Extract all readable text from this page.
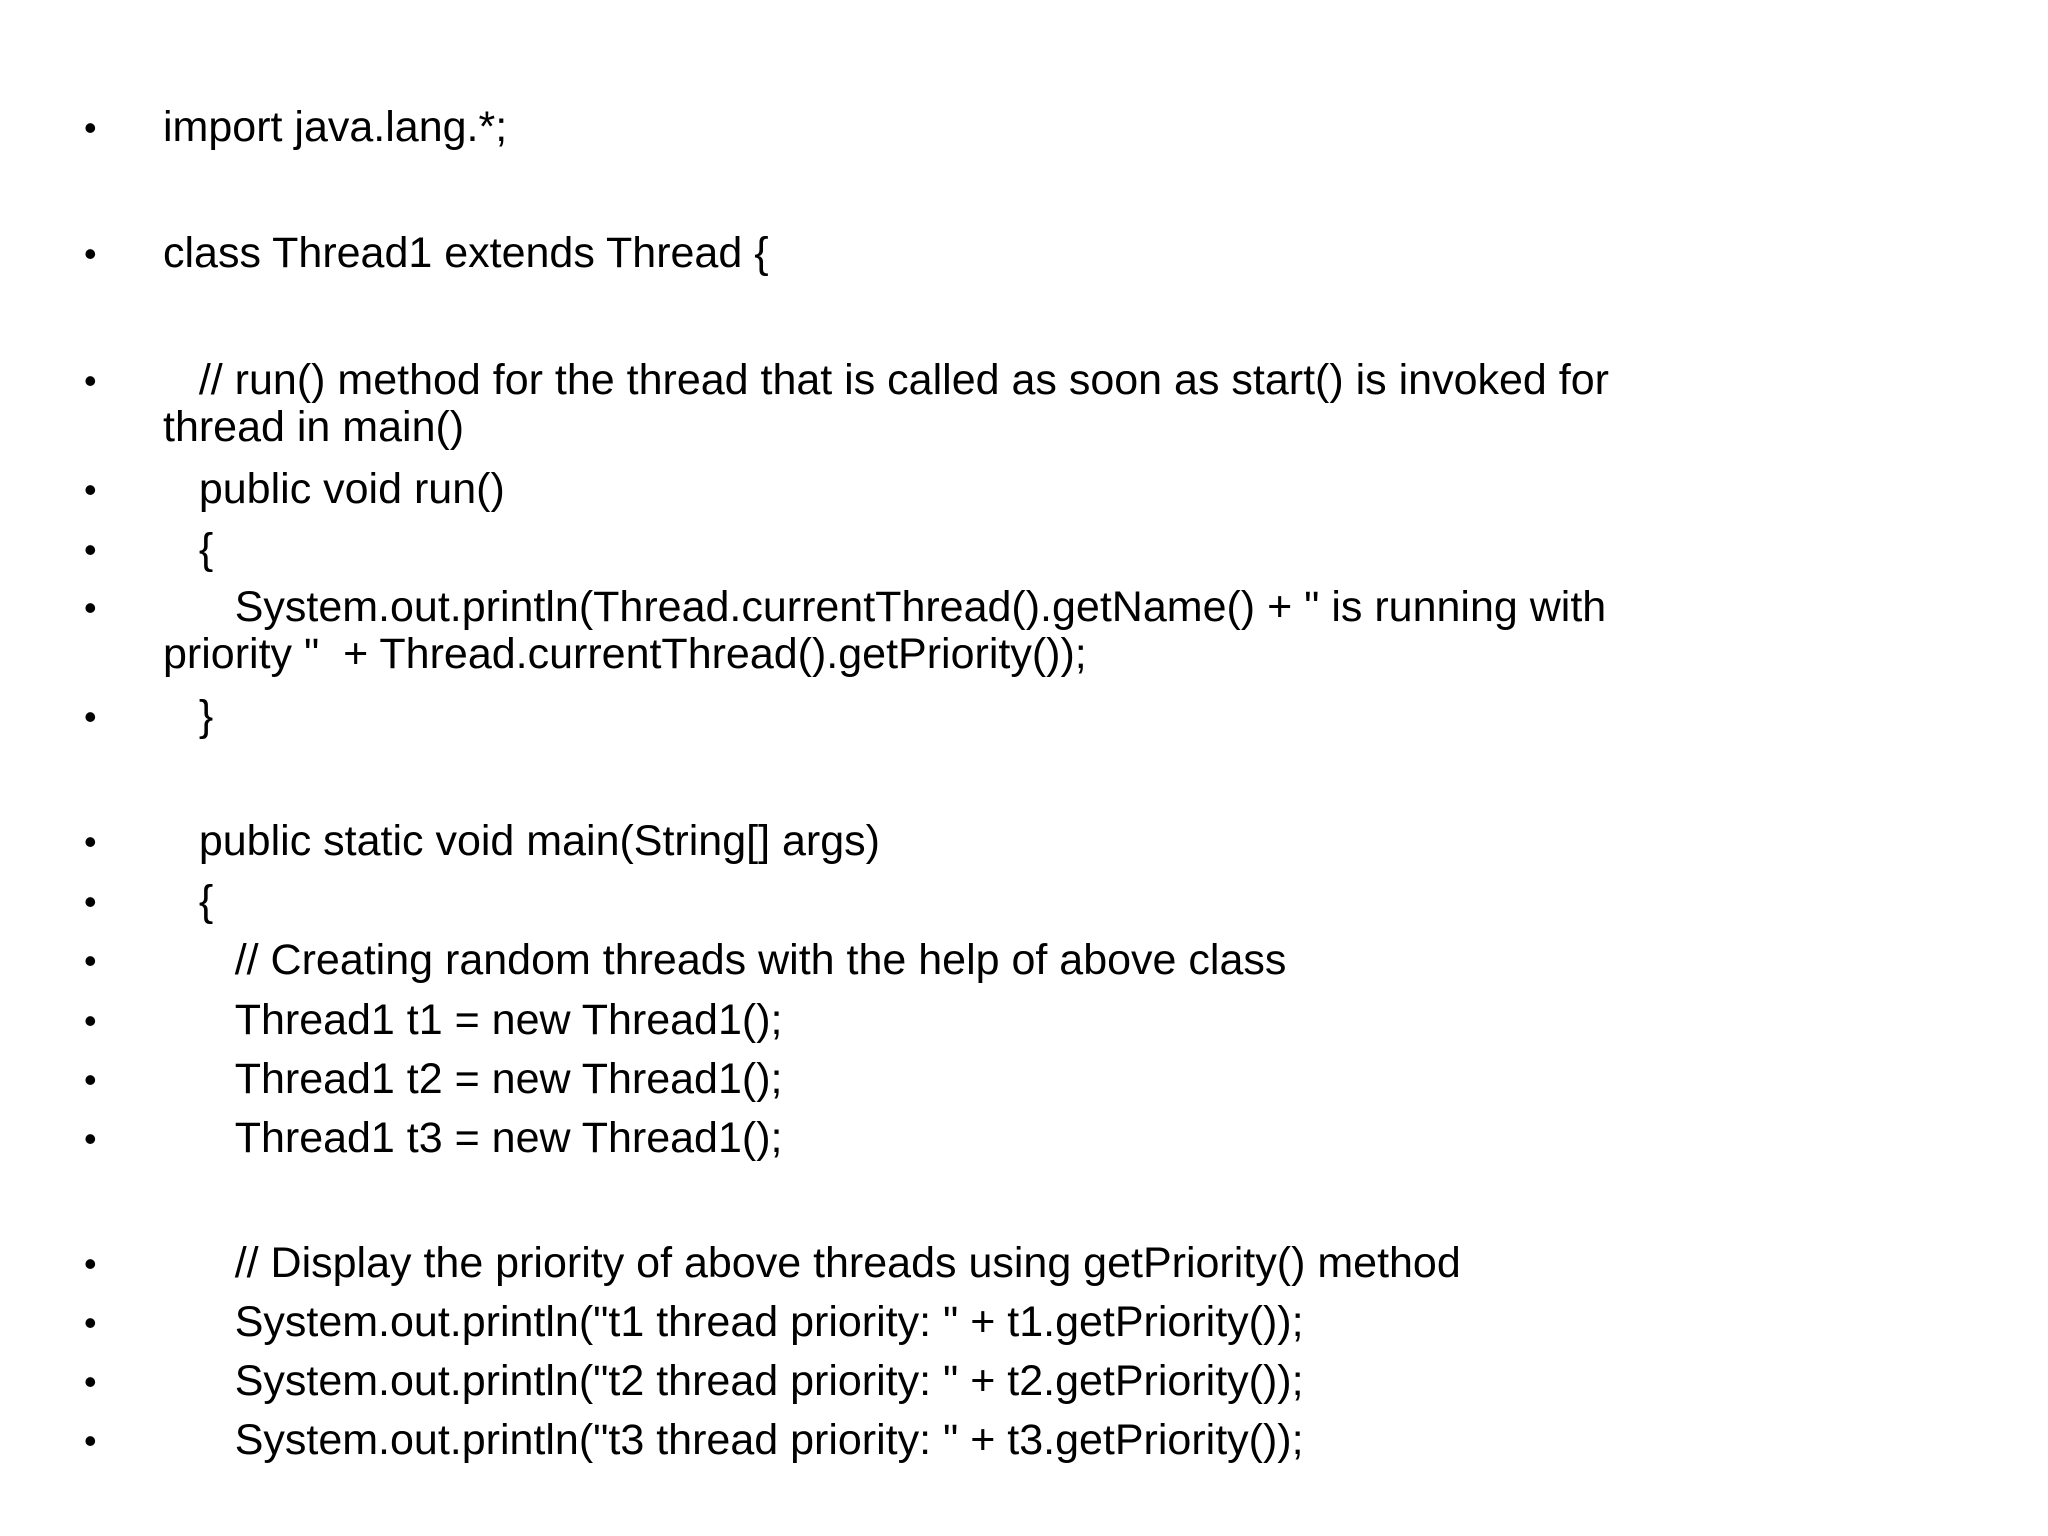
• import java.lang.*;
• class Thread1 extends Thread {
• // run() method for the thread that is called as soon as start() is invoked for thread in main()
• public void run()
• {
• System.out.println(Thread.currentThread().getName() + " is running with priority "  + Thread.currentThread().getPriority());
• }
• public static void main(String[] args)
• {
• // Creating random threads with the help of above class
• Thread1 t1 = new Thread1();
• Thread1 t2 = new Thread1();
• Thread1 t3 = new Thread1();
• // Display the priority of above threads using getPriority() method
• System.out.println("t1 thread priority: " + t1.getPriority());
• System.out.println("t2 thread priority: " + t2.getPriority());
• System.out.println("t3 thread priority: " + t3.getPriority());
